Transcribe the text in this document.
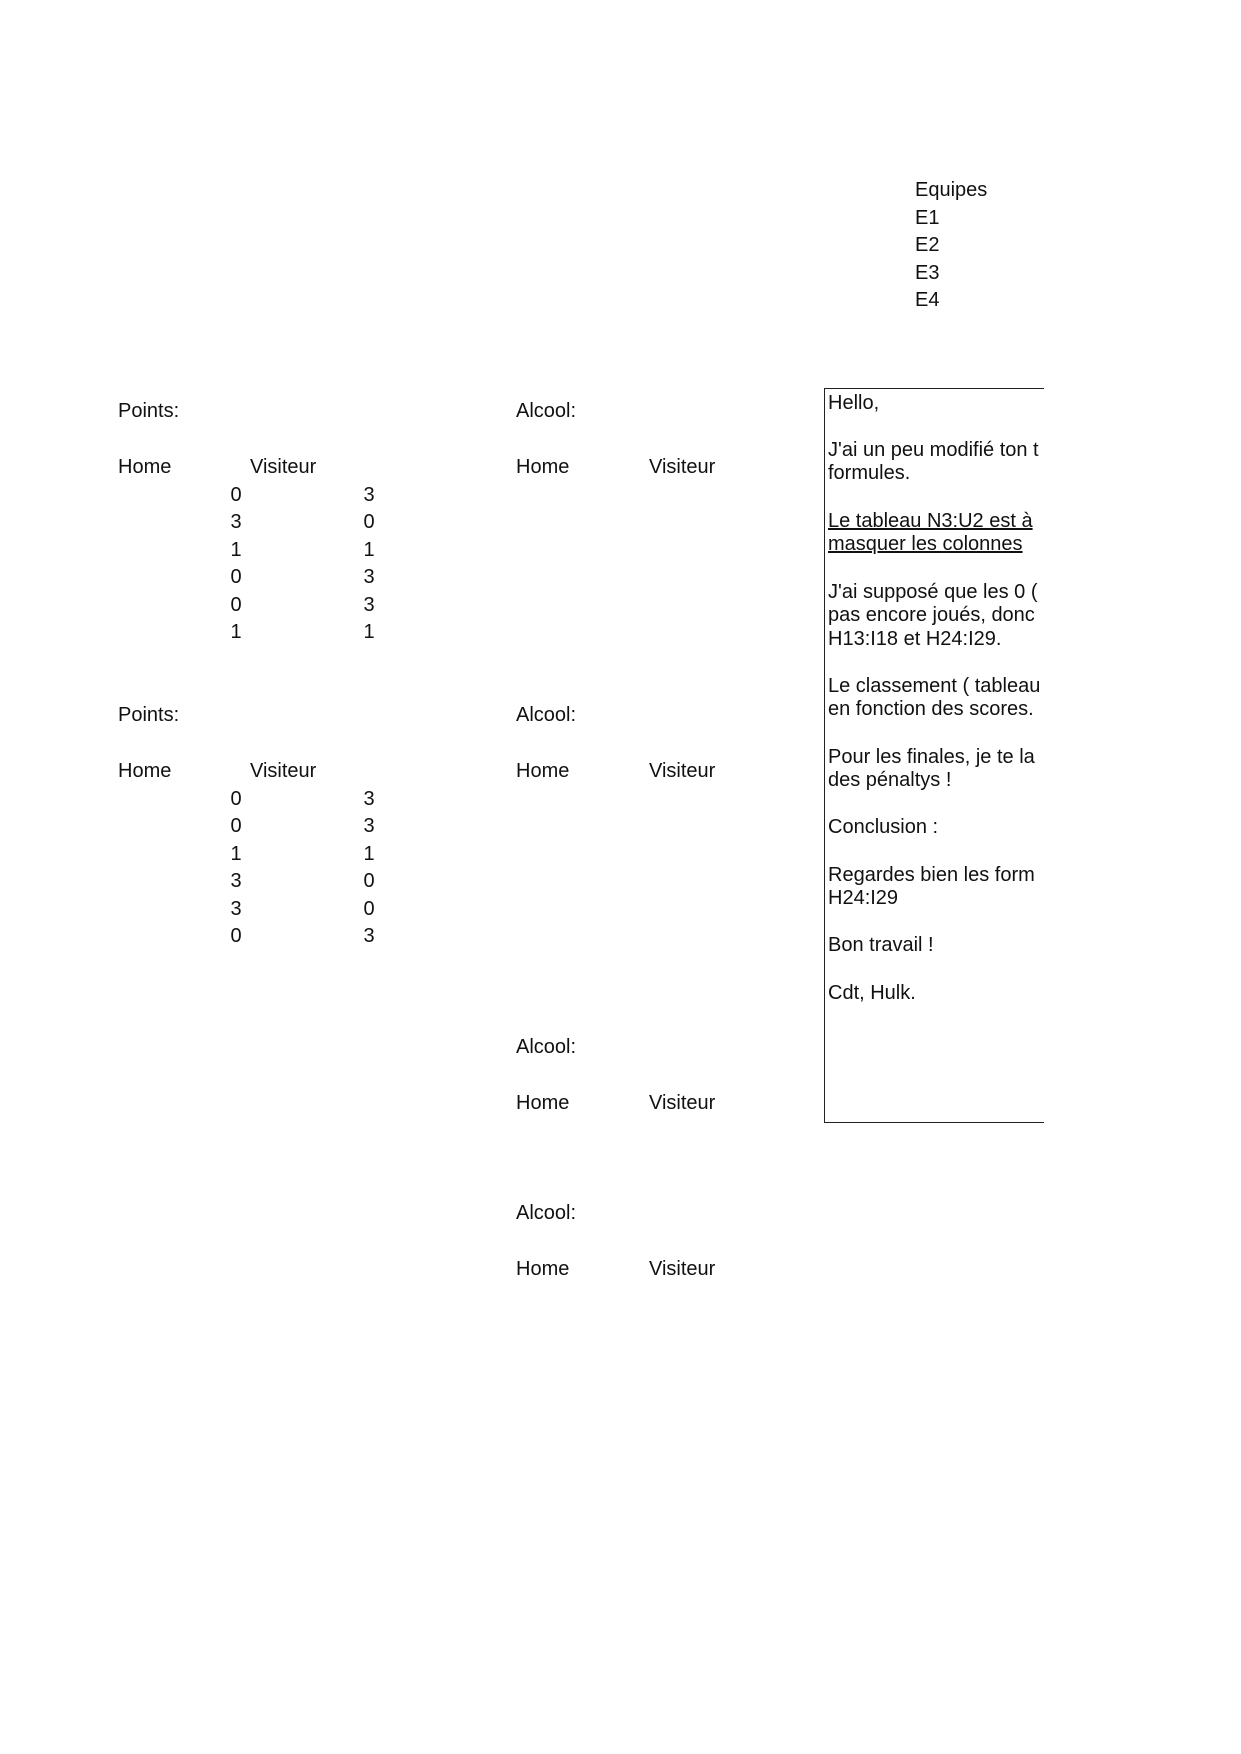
Equipes
E1
E2
E3
E4
Points:
Home	Visiteur
0	3
3	0
1	1
0	3
0	3
1	1
Points:
Home	Visiteur
0	3
0	3
1	1
3	0
3	0
0	3
Alcool:
Home	Visiteur
Alcool:
Home	Visiteur
Alcool:
Home	Visiteur
Alcool:
Home	Visiteur
Hello,
J'ai un peu modifié ton t
formules.
Le tableau N3:U2 est à
masquer les colonnes
J'ai supposé que les 0 (
pas encore joués, donc
H13:I18 et H24:I29.
Le classement ( tableau
en fonction des scores.
Pour les finales, je te la
des pénaltys !
Conclusion :
Regardes bien les form
H24:I29
Bon travail !
Cdt, Hulk.
